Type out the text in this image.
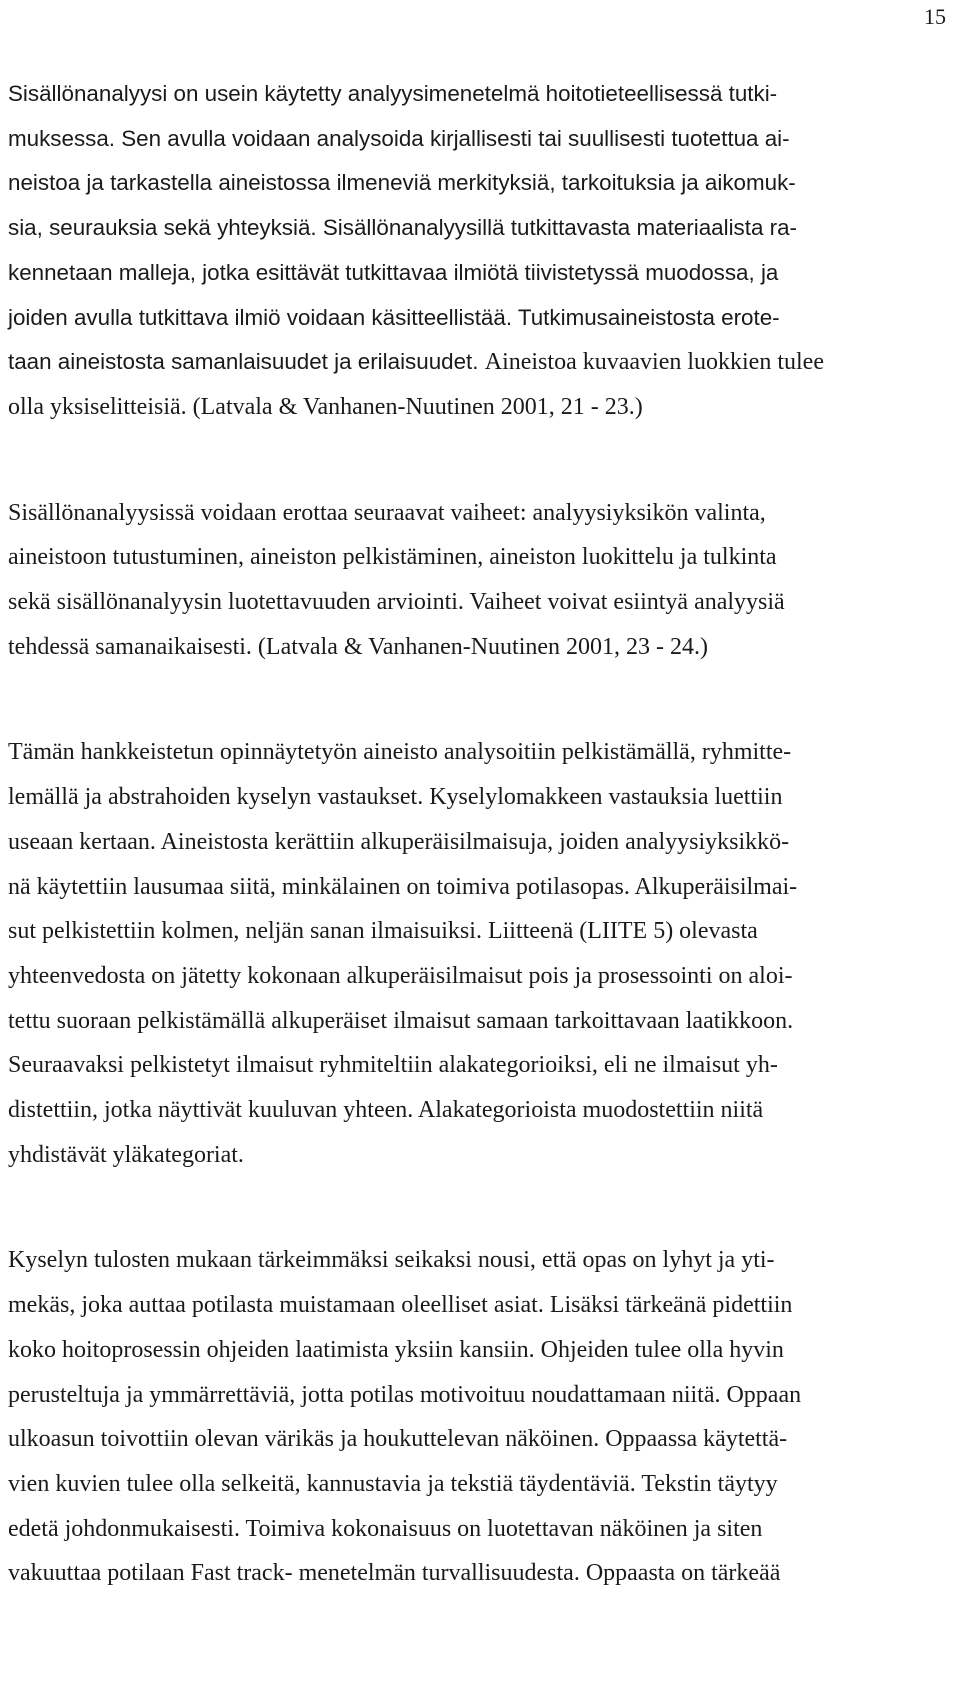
15

Sisällönanalyysi on usein käytetty analyysimenetelmä hoitotieteellisessä tutki-
muksessa. Sen avulla voidaan analysoida kirjallisesti tai suullisesti tuotettua ai-
neistoa ja tarkastella aineistossa ilmeneviä merkityksiä, tarkoituksia ja aikomuk-
sia, seurauksia sekä yhteyksiä. Sisällönanalyysillä tutkittavasta materiaalista ra-
kennetaan malleja, jotka esittävät tutkittavaa ilmiötä tiivistetyssä muodossa, ja
joiden avulla tutkittava ilmiö voidaan käsitteellistää. Tutkimusaineistosta erote-
taan aineistosta samanlaisuudet ja erilaisuudet. Aineistoa kuvaavien luokkien tulee
olla yksiselitteisiä. (Latvala & Vanhanen-Nuutinen 2001, 21 - 23.)

Sisällönanalyysissä voidaan erottaa seuraavat vaiheet: analyysiyksikön valinta,
aineistoon tutustuminen, aineiston pelkistäminen, aineiston luokittelu ja tulkinta
sekä sisällönanalyysin luotettavuuden arviointi. Vaiheet voivat esiintyä analyysiä
tehdessä samanaikaisesti. (Latvala & Vanhanen-Nuutinen 2001, 23 - 24.)

Tämän hankkeistetun opinnäytetyön aineisto analysoitiin pelkistämällä, ryhmitte-
lemällä ja abstrahoiden kyselyn vastaukset. Kyselylomakkeen vastauksia luettiin
useaan kertaan. Aineistosta kerättiin alkuperäisilmaisuja, joiden analyysiyksikkö-
nä käytettiin lausumaa siitä, minkälainen on toimiva potilasopas. Alkuperäisilmai-
sut pelkistettiin kolmen, neljän sanan ilmaisuiksi. Liitteenä (LIITE 5) olevasta
yhteenvedosta on jätetty kokonaan alkuperäisilmaisut pois ja prosessointi on aloi-
tettu suoraan pelkistämällä alkuperäiset ilmaisut samaan tarkoittavaan laatikkoon.
Seuraavaksi pelkistetyt ilmaisut ryhmiteltiin alakategorioiksi, eli ne ilmaisut yh-
distettiin, jotka näyttivät kuuluvan yhteen. Alakategorioista muodostettiin niitä
yhdistävät yläkategoriat.

Kyselyn tulosten mukaan tärkeimmäksi seikaksi nousi, että opas on lyhyt ja yti-
mekäs, joka auttaa potilasta muistamaan oleelliset asiat. Lisäksi tärkeänä pidettiin
koko hoitoprosessin ohjeiden laatimista yksiin kansiin. Ohjeiden tulee olla hyvin
perusteltuja ja ymmärrettäviä, jotta potilas motivoituu noudattamaan niitä. Oppaan
ulkoasun toivottiin olevan värikäs ja houkuttelevan näköinen. Oppaassa käytettä-
vien kuvien tulee olla selkeitä, kannustavia ja tekstiä täydentäviä. Tekstin täytyy
edetä johdonmukaisesti. Toimiva kokonaisuus on luotettavan näköinen ja siten
vakuuttaa potilaan Fast track- menetelmän turvallisuudesta. Oppaasta on tärkeää
